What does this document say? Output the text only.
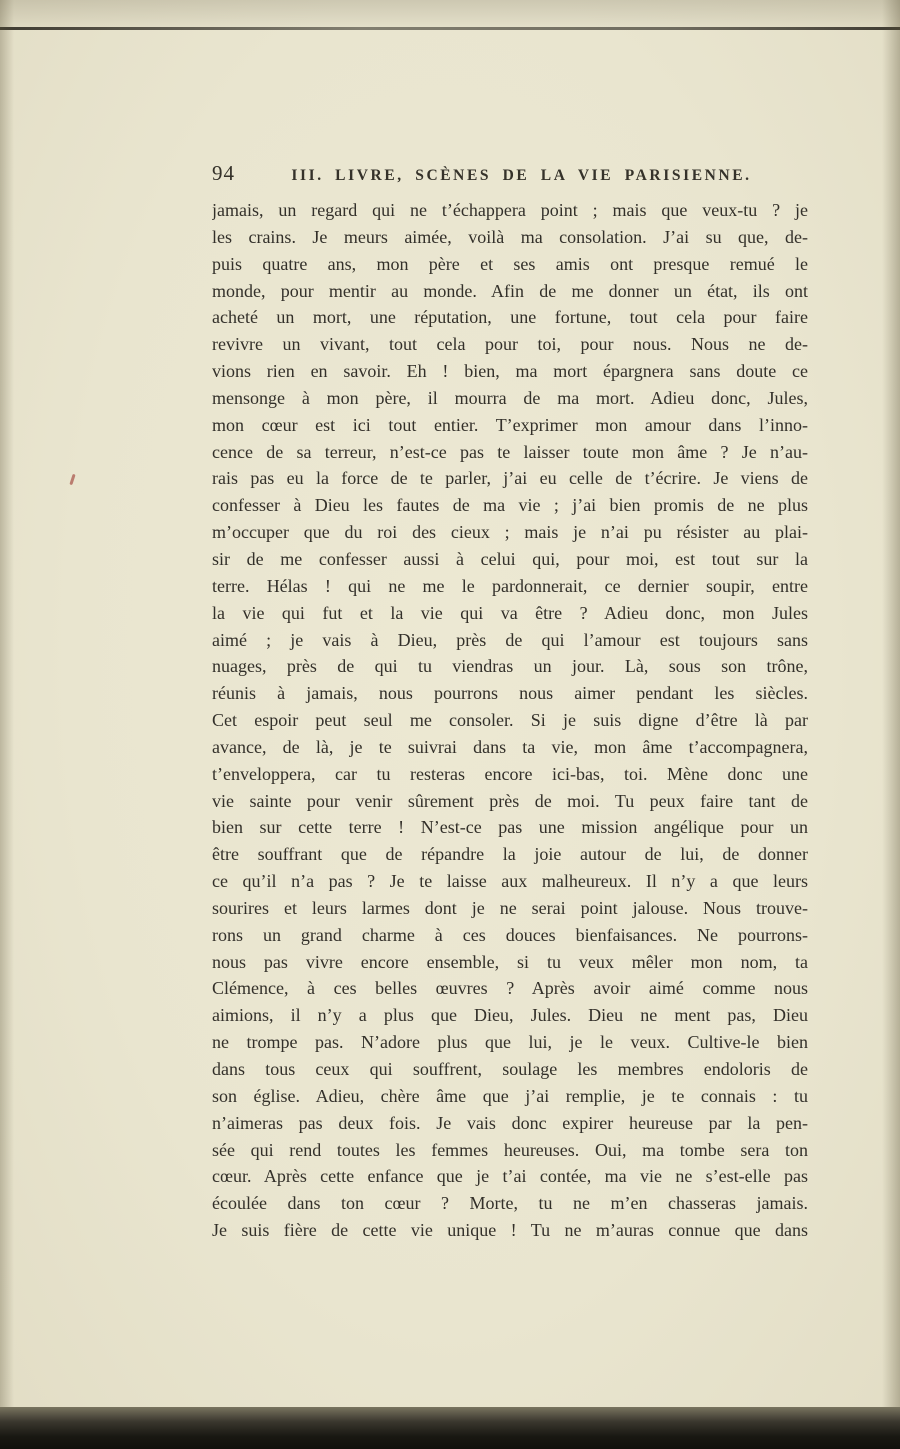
94	III. LIVRE, SCÈNES DE LA VIE PARISIENNE.
jamais, un regard qui ne t’échappera point ; mais que veux-tu ? je
les crains. Je meurs aimée, voilà ma consolation. J’ai su que, de-
puis quatre ans, mon père et ses amis ont presque remué le
monde, pour mentir au monde. Afin de me donner un état, ils ont
acheté un mort, une réputation, une fortune, tout cela pour faire
revivre un vivant, tout cela pour toi, pour nous. Nous ne de-
vions rien en savoir. Eh ! bien, ma mort épargnera sans doute ce
mensonge à mon père, il mourra de ma mort. Adieu donc, Jules,
mon cœur est ici tout entier. T’exprimer mon amour dans l’inno-
cence de sa terreur, n’est-ce pas te laisser toute mon âme ? Je n’au-
rais pas eu la force de te parler, j’ai eu celle de t’écrire. Je viens de
confesser à Dieu les fautes de ma vie ; j’ai bien promis de ne plus
m’occuper que du roi des cieux ; mais je n’ai pu résister au plai-
sir de me confesser aussi à celui qui, pour moi, est tout sur la
terre. Hélas ! qui ne me le pardonnerait, ce dernier soupir, entre
la vie qui fut et la vie qui va être ? Adieu donc, mon Jules
aimé ; je vais à Dieu, près de qui l’amour est toujours sans
nuages, près de qui tu viendras un jour. Là, sous son trône,
réunis à jamais, nous pourrons nous aimer pendant les siècles.
Cet espoir peut seul me consoler. Si je suis digne d’être là par
avance, de là, je te suivrai dans ta vie, mon âme t’accompagnera,
t’enveloppera, car tu resteras encore ici-bas, toi. Mène donc une
vie sainte pour venir sûrement près de moi. Tu peux faire tant de
bien sur cette terre ! N’est-ce pas une mission angélique pour un
être souffrant que de répandre la joie autour de lui, de donner
ce qu’il n’a pas ? Je te laisse aux malheureux. Il n’y a que leurs
sourires et leurs larmes dont je ne serai point jalouse. Nous trouve-
rons un grand charme à ces douces bienfaisances. Ne pourrons-
nous pas vivre encore ensemble, si tu veux mêler mon nom, ta
Clémence, à ces belles œuvres ? Après avoir aimé comme nous
aimions, il n’y a plus que Dieu, Jules. Dieu ne ment pas, Dieu
ne trompe pas. N’adore plus que lui, je le veux. Cultive-le bien
dans tous ceux qui souffrent, soulage les membres endoloris de
son église. Adieu, chère âme que j’ai remplie, je te connais : tu
n’aimeras pas deux fois. Je vais donc expirer heureuse par la pen-
sée qui rend toutes les femmes heureuses. Oui, ma tombe sera ton
cœur. Après cette enfance que je t’ai contée, ma vie ne s’est-elle pas
écoulée dans ton cœur ? Morte, tu ne m’en chasseras jamais.
Je suis fière de cette vie unique ! Tu ne m’auras connue que dans
